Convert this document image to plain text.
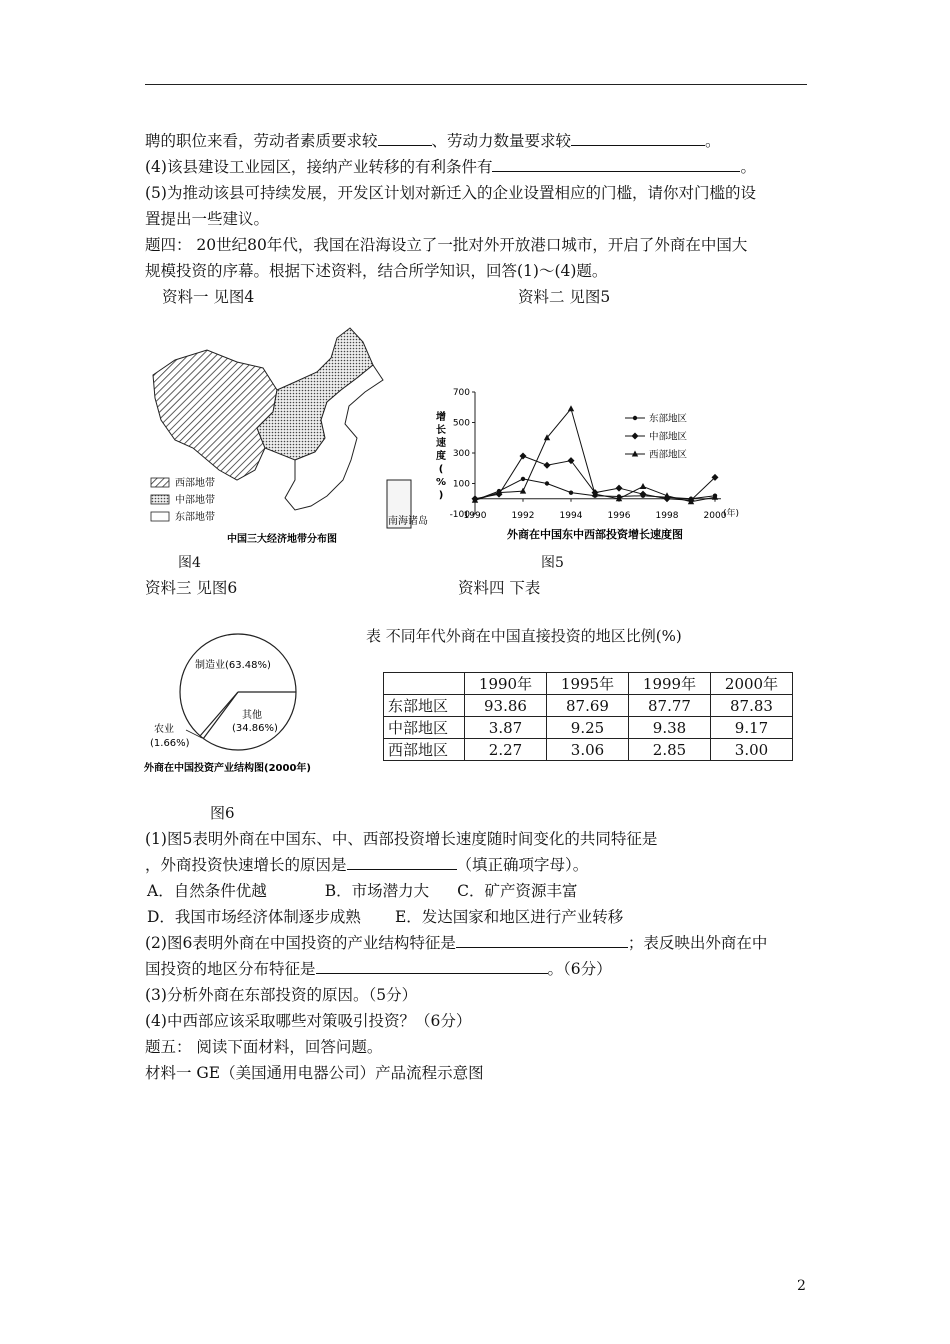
聘的职位来看，劳动者素质要求较	、劳动力数量要求较	。
(4)该县建设工业园区，接纳产业转移的有利条件有	。
(5)为推动该县可持续发展，开发区计划对新迁入的企业设置相应的门槛，请你对门槛的设
置提出一些建议。
题四： 20世纪80年代，我国在沿海设立了一批对外开放港口城市，开启了外商在中国大
规模投资的序幕。根据下述资料，结合所学知识，回答(1)～(4)题。
资料一 见图4	资料二 见图5
南海诸岛
西部地带
中部地带
东部地带
中国三大经济地带分布图
700
500
300
100
-100
1990	1992	1994	1996	1998	2000
(年)
增
长
速
度
(
%
)
东部地区
中部地区
西部地区
外商在中国东中西部投资增长速度图
图4	图5
资料三 见图6	资料四 下表
制造业(63.48%)
其他
(34.86%)
农业
(1.66%)
外商在中国投资产业结构图(2000年)
表 不同年代外商在中国直接投资的地区比例(%)
	1990年	1995年	1999年	2000年
东部地区	93.86	87.69	87.77	87.83
中部地区	3.87	9.25	9.38	9.17
西部地区	2.27	3.06	2.85	3.00
图6
(1)图5表明外商在中国东、中、西部投资增长速度随时间变化的共同特征是
，外商投资快速增长的原因是	（填正确项字母）。
A．自然条件优越	B．市场潜力大 C．矿产资源丰富
D．我国市场经济体制逐步成熟 E．发达国家和地区进行产业转移
(2)图6表明外商在中国投资的产业结构特征是	；表反映出外商在中
国投资的地区分布特征是	。（6分）
(3)分析外商在东部投资的原因。（5分）
(4)中西部应该采取哪些对策吸引投资？（6分）
题五： 阅读下面材料，回答问题。
材料一 GE（美国通用电器公司）产品流程示意图
2
